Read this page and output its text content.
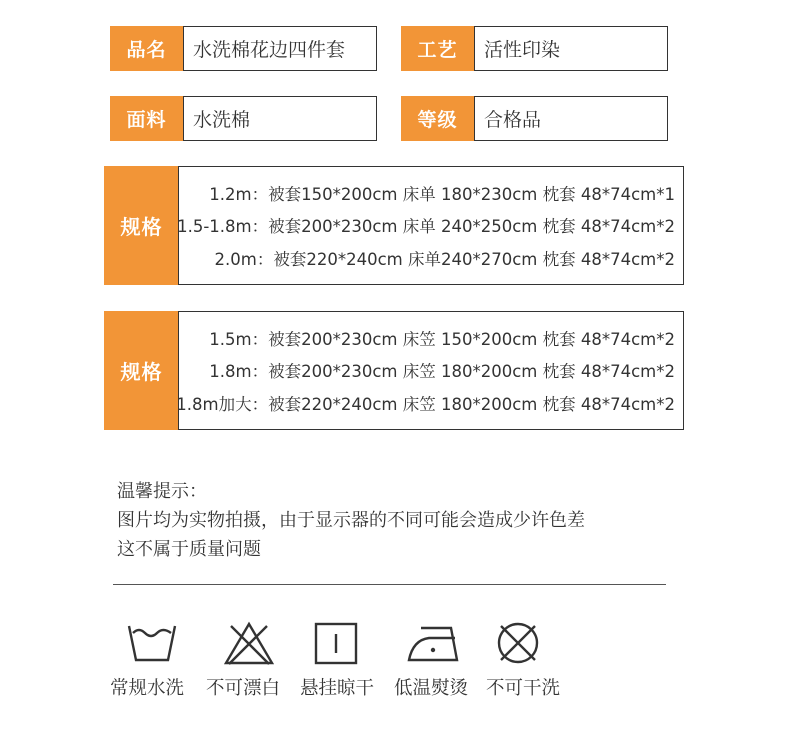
品名	水洗棉花边四件套	工艺	活性印染
面料	水洗棉	等级	合格品
规格
1.2m：被套150*200cm 床单 180*230cm 枕套 48*74cm*1
1.5-1.8m：被套200*230cm 床单 240*250cm 枕套 48*74cm*2
2.0m：被套220*240cm 床单240*270cm 枕套 48*74cm*2
规格
1.5m：被套200*230cm 床笠 150*200cm 枕套 48*74cm*2
1.8m：被套200*230cm 床笠 180*200cm 枕套 48*74cm*2
1.8m加大：被套220*240cm 床笠 180*200cm 枕套 48*74cm*2
温馨提示：
图片均为实物拍摄，由于显示器的不同可能会造成少许色差
这不属于质量问题
常规水洗 不可漂白 悬挂晾干 低温熨烫 不可干洗
